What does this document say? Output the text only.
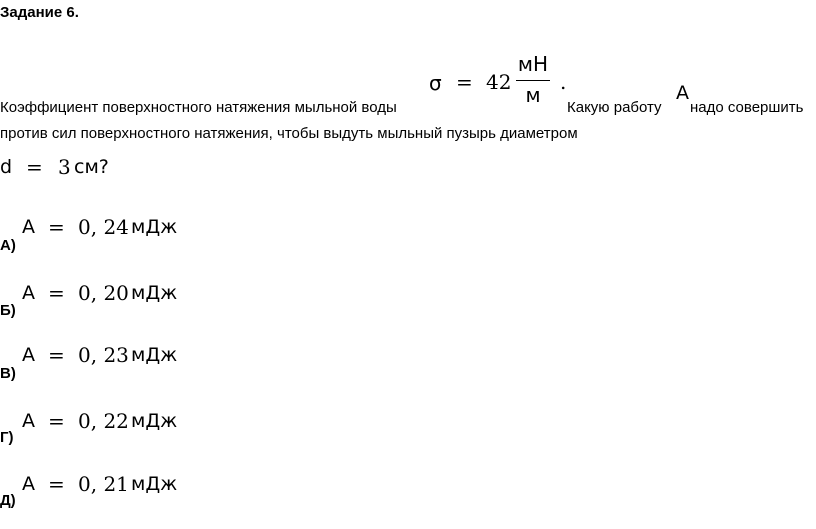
Задание 6.
σ = 42
мН
м
.	A
Коэффициент поверхностного натяжения мыльной воды	Какую работу надо совершить
против сил поверхностного натяжения, чтобы выдуть мыльный пузырь диаметром
d = 3 см?
A = 0, 24 мДж
А)
A = 0, 20 мДж
Б)
A = 0, 23 мДж
В)
A = 0, 22 мДж
Г)
A = 0, 21 мДж
Д)
